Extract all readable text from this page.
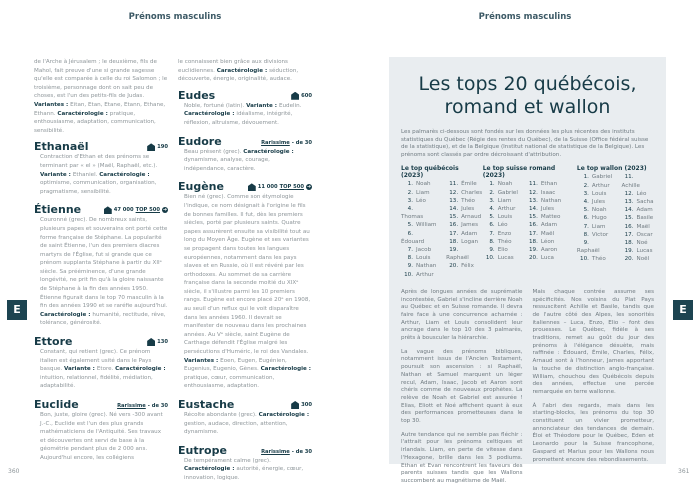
Prénoms masculins
de l'Arche à Jérusalem ; le deuxième, fils de Mahol, fait preuve d'une si grande sagesse qu'elle est comparée à celle du roi Salomon ; le troisième, personnage dont on sait peu de choses, est l'un des petits-fils de Judas. Variantes : Eitan, Etan, Etane, Etann, Ethane, Ethann. Caractérologie : pratique, enthousiasme, adaptation, communication, sensibilité.
Ethanaël	190
Contraction d'Ethan et des prénoms se terminant par « el » (Maël, Raphaël, etc.). Variante : Ethaniel. Caractérologie : optimisme, communication, organisation, pragmatisme, sensibilité.
Étienne	47 000 TOP 500 ➜
Couronné (grec). De nombreux saints, plusieurs papes et souverains ont porté cette forme française de Stéphane. La popularité de saint Étienne, l'un des premiers diacres martyrs de l'Église, fut si grande que ce prénom supplanta Stéphane à partir du XIIᵉ siècle. Sa prééminence, d'une grande longévité, ne prit fin qu'à la gloire naissante de Stéphane à la fin des années 1950. Étienne figurait dans le top 70 masculin à la fin des années 1990 et se raréfie aujourd'hui. Caractérologie : humanité, rectitude, rêve, tolérance, générosité.
Ettore	130
Constant, qui retient (grec). Ce prénom italien est également usité dans le Pays basque. Variante : Etore. Caractérologie : intuition, relationnel, fidélité, médiation, adaptabilité.
Euclide	Rarissime - de 30
Bon, juste, gloire (grec). Né vers -300 avant J.-C., Euclide est l'un des plus grands mathématiciens de l'Antiquité. Ses travaux et découvertes ont servi de base à la géométrie pendant plus de 2 000 ans. Aujourd'hui encore, les collégiens
le connaissent bien grâce aux divisions euclidiennes. Caractérologie : séduction, découverte, énergie, originalité, audace.
Eudes	600
Noble, fortuné (latin). Variante : Eudelin. Caractérologie : idéalisme, intégrité, réflexion, altruisme, dévouement.
Eudore	Rarissime - de 30
Beau présent (grec). Caractérologie : dynamisme, analyse, courage, indépendance, caractère.
Eugène	11 000 TOP 500 ➜
Bien né (grec). Comme son étymologie l'indique, ce nom désignait à l'origine le fils de bonnes familles. Il fut, dès les premiers siècles, porté par plusieurs saints. Quatre papes assurèrent ensuite sa visibilité tout au long du Moyen Âge. Eugène et ses variantes se propagent dans toutes les langues européennes, notamment dans les pays slaves et en Russie, où il est révéré par les orthodoxes. Au sommet de sa carrière française dans la seconde moitié du XIXᵉ siècle, il s'illustre parmi les 10 premiers rangs. Eugène est encore placé 20ᵉ en 1908, au seuil d'un reflux qui le voit disparaître dans les années 1960. Il devrait se manifester de nouveau dans les prochaines années. Au Vᵉ siècle, saint Eugène de Carthage défendit l'Église malgré les persécutions d'Huméric, le roi des Vandales. Variantes : Eoen, Eugen, Eugénien, Eugenius, Eugenio, Gènes. Caractérologie : pratique, cœur, communication, enthousiasme, adaptation.
Eustache	300
Récolte abondante (grec). Caractérologie : gestion, audace, direction, attention, dynamisme.
Eutrope	Rarissime - de 30
De tempérament calme (grec). Caractérologie : autorité, énergie, cœur, innovation, logique.
E
360
Prénoms masculins
Les tops 20 québécois,
romand et wallon

Les palmarès ci-dessous sont fondés sur les données les plus récentes des instituts statistiques du Québec (Régie des rentes du Québec), de la Suisse (Office fédéral suisse de la statistique), et de la Belgique (Institut national de statistique de la Belgique). Les prénoms sont classés par ordre décroissant d'attribution.

Le top québécois (2023)
1. Noah
2. Liam
3. Léo
4.Thomas
5. William
6.Édouard
7. Jacob
8. Louis
9. Nathan
10. Arthur
11. Émile
12. Charles
13. Théo
14. Jules
15. Arnaud
16. James
17. Adam
18. Logan
19.Raphaël
20. Félix
Le top suisse romand (2023)
1. Noah
2. Gabriel
3. Liam
4. Arthur
5. Louis
6. Léo
7. Enzo
8. Théo
9. Elio
10. Lucas
11. Ethan
12. Isaac
13. Nathan
14. Jules
15. Matteo
16. Adam
17. Maël
18. Léon
19. Aaron
20. Luca
Le top wallon (2023)
1. Gabriel
2. Arthur
3. Louis
4. Jules
5. Noah
6. Hugo
7. Liam
8. Victor
9.Raphaël
10. Théo
11.Achille
12. Léo
13. Sacha
14. Adam
15. Basile
16. Maël
17. Oscar
18. Noé
19. Lucas
20. Noël

Après de longues années de suprématie incontestée, Gabriel s'incline derrière Noah au Québec et en Suisse romande. Il devra faire face à une concurrence acharnée : Arthur, Liam et Louis consolident leur ancrage dans le top 10 des 3 palmarès, prêts à bousculer la hiérarchie.

La vague des prénoms bibliques, notamment issus de l'Ancien Testament, poursuit son ascension : si Raphaël, Nathan et Samuel marquent un léger recul, Adam, Isaac, Jacob et Aaron sont chéris comme de nouveaux prophètes. La relève de Noah et Gabriel est assurée ! Elias, Eliott et Noé affichent quant à eux des performances prometteuses dans le top 30.

Autre tendance qui ne semble pas fléchir : l'attrait pour les prénoms celtiques et irlandais. Liam, en perte de vitesse dans l'Hexagone, brille dans les 3 podiums. Ethan et Evan rencontrent les faveurs des parents suisses tandis que les Wallons succombent au magnétisme de Maël.

Mais chaque contrée assume ses spécificités. Nos voisins du Plat Pays ressuscitent Achille et Basile, tandis que de l'autre côté des Alpes, les sonorités italiennes – Luca, Enzo, Elio – font des prouesses. Le Québec, fidèle à ses traditions, remet au goût du jour des prénoms à l'élégance désuète, mais raffinée : Édouard, Émile, Charles, Félix, Arnaud sont à l'honneur, James apportant la touche de distinction anglo-française. William, chouchou des Québécois depuis des années, effectue une percée remarquée en terre wallonne.

À l'abri des regards, mais dans les starting-blocks, les prénoms du top 30 constituent un vivier prometteur, annonciateur des tendances de demain. Éloi et Théodore pour le Québec, Eden et Leonardo pour la Suisse francophone, Gaspard et Marius pour les Wallons nous promettent encore des rebondissements.

E
361
